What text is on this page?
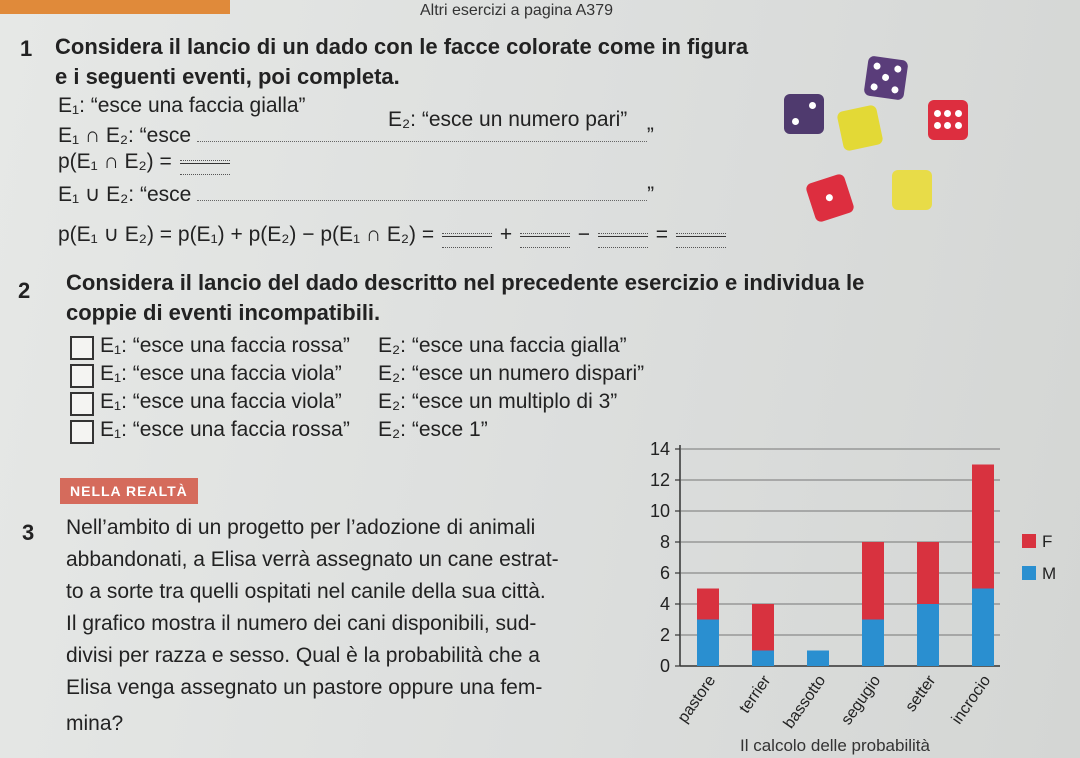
Altri esercizi a pagina A379
1 Considera il lancio di un dado con le facce colorate come in figura
e i seguenti eventi, poi completa.
E₁: “esce una faccia gialla”
E₂: “esce un numero pari”
E₁ ∩ E₂: “esce	”
p(E₁ ∩ E₂) =
E₁ ∪ E₂: “esce	”
p(E₁ ∪ E₂) = p(E₁) + p(E₂) − p(E₁ ∩ E₂) =	+	−	=
2 Considera il lancio del dado descritto nel precedente esercizio e individua le
coppie di eventi incompatibili.
E₁: “esce una faccia rossa” E₂: “esce una faccia gialla”
E₁: “esce una faccia viola” E₂: “esce un numero dispari”
E₁: “esce una faccia viola” E₂: “esce un multiplo di 3”
E₁: “esce una faccia rossa” E₂: “esce 1”
NELLA REALTÀ
3 Nell’ambito di un progetto per l’adozione di animali
abbandonati, a Elisa verrà assegnato un cane estrat-
to a sorte tra quelli ospitati nel canile della sua città.
Il grafico mostra il numero dei cani disponibili, sud-
divisi per razza e sesso. Qual è la probabilità che a
Elisa venga assegnato un pastore oppure una fem-
mina?
0
2
4
6
8
10
12
14
pastore terrier bassotto segugio setter incrocio
F
M
Il calcolo delle probabilità
